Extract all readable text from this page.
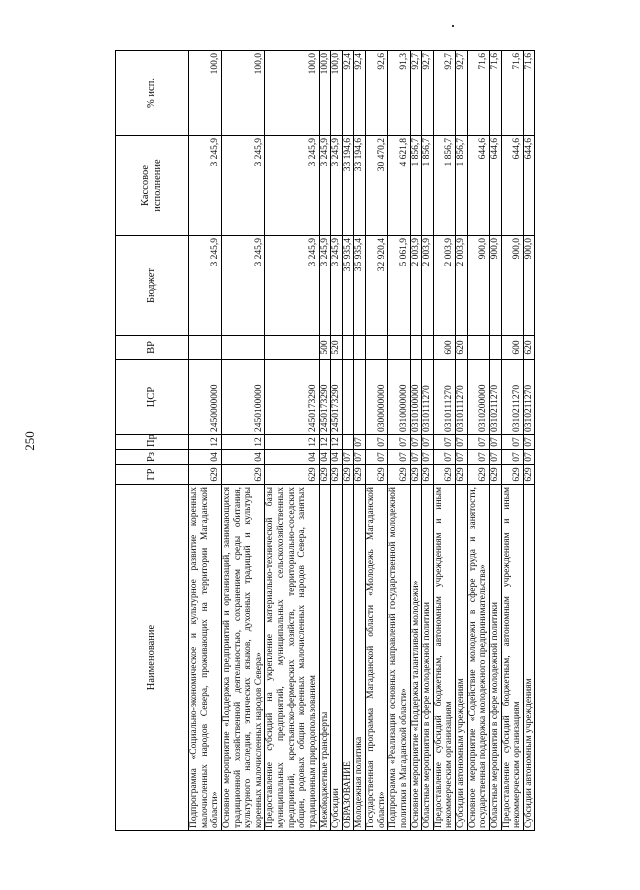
250
Наименование	ГР	Рз	Пр	ЦСР	ВР	Бюджет	Кассовое исполнение	% исп.
Подпрограмма «Социально-экономическое и культурное развитие коренных малочисленных народов Севера, проживающих на территории Магаданской области»	629	04	12	2450000000		3 245,9	3 245,9	100,0
Основное мероприятие «Поддержка предприятий и организаций, занимающихся традиционной хозяйственной деятельностью, сохранением среды обитания, культурного наследия, этнических языков, духовных традиций и культуры коренных малочисленных народов Севера»	629	04	12	2450100000		3 245,9	3 245,9	100,0
Предоставление субсидий на укрепление материально-технической базы муниципальных предприятий, муниципальных сельскохозяйственных предприятий, крестьянско-фермерских хозяйств, территориально-соседских общин, родовых общин коренных малочисленных народов Севера, занятых традиционным природопользованием	629	04	12	2450173290		3 245,9	3 245,9	100,0
Межбюджетные трансферты	629	04	12	2450173290	500	3 245,9	3 245,9	100,0
Субсидии	629	04	12	2450173290	520	3 245,9	3 245,9	100,0
ОБРАЗОВАНИЕ	629	07				35 935,4	33 194,6	92,4
Молодежная политика	629	07	07			35 935,4	33 194,6	92,4
Государственная программа Магаданской области «Молодежь Магаданской области»	629	07	07	0300000000		32 920,4	30 470,2	92,6
Подпрограмма «Реализация основных направлений государственной молодежной политики в Магаданской области»	629	07	07	0310000000		5 061,9	4 621,8	91,3
Основное мероприятие «Поддержка талантливой молодежи»	629	07	07	0310100000		2 003,9	1 856,7	92,7
Областные мероприятия в сфере молодежной политики	629	07	07	0310111270		2 003,9	1 856,7	92,7
Предоставление субсидий бюджетным, автономным учреждениям и иным некоммерческим организациям	629	07	07	0310111270	600	2 003,9	1 856,7	92,7
Субсидии автономным учреждениям	629	07	07	0310111270	620	2 003,9	1 856,7	92,7
Основное мероприятие «Содействие молодежи в сфере труда и занятости, государственная поддержка молодежного предпринимательства»	629	07	07	0310200000		900,0	644,6	71,6
Областные мероприятия в сфере молодежной политики	629	07	07	0310211270		900,0	644,6	71,6
Предоставление субсидий бюджетным, автономным учреждениям и иным некоммерческим организациям	629	07	07	0310211270	600	900,0	644,6	71,6
Субсидии автономным учреждениям	629	07	07	0310211270	620	900,0	644,6	71,6
